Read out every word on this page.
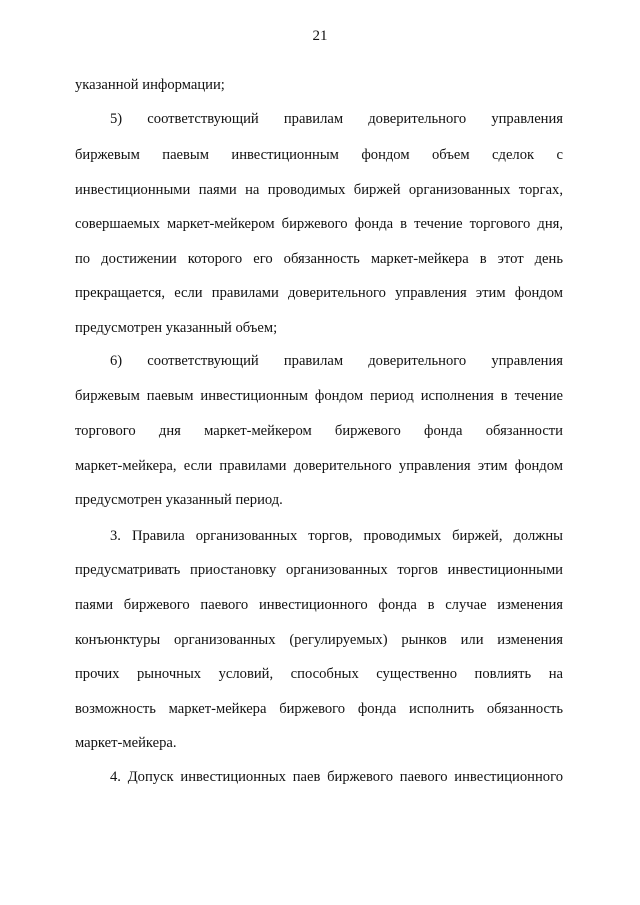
21
указанной информации;
5) соответствующий правилам доверительного управления
биржевым паевым инвестиционным фондом объем сделок с
инвестиционными паями на проводимых биржей организованных торгах,
совершаемых маркет-мейкером биржевого фонда в течение торгового дня,
по достижении которого его обязанность маркет-мейкера в этот день
прекращается, если правилами доверительного управления этим фондом
предусмотрен указанный объем;
6) соответствующий правилам доверительного управления
биржевым паевым инвестиционным фондом период исполнения в течение
торгового дня маркет-мейкером биржевого фонда обязанности
маркет-мейкера, если правилами доверительного управления этим фондом
предусмотрен указанный период.
3. Правила организованных торгов, проводимых биржей, должны
предусматривать приостановку организованных торгов инвестиционными
паями биржевого паевого инвестиционного фонда в случае изменения
конъюнктуры организованных (регулируемых) рынков или изменения
прочих рыночных условий, способных существенно повлиять на
возможность маркет-мейкера биржевого фонда исполнить обязанность
маркет-мейкера.
4. Допуск инвестиционных паев биржевого паевого инвестиционного
